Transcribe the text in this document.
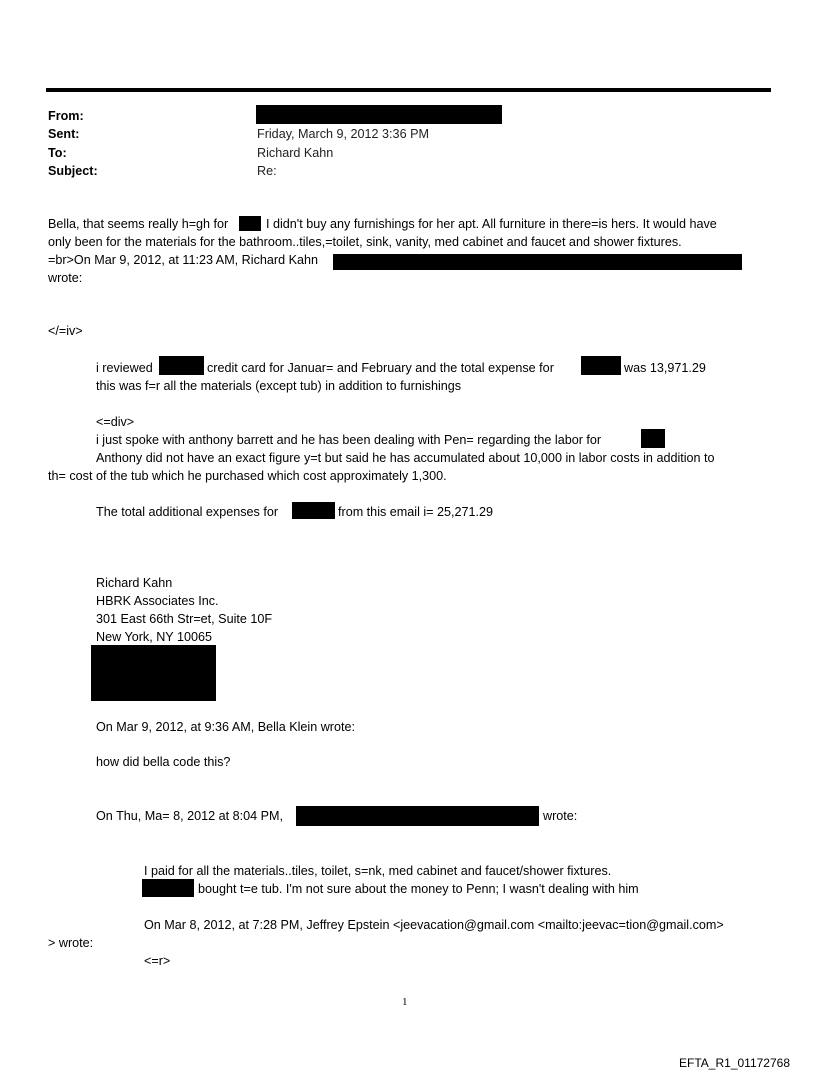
From:
Sent:	Friday, March 9, 2012 3:36 PM
To:	Richard Kahn
Subject:	Re:
Bella, that seems really h=gh for	I didn't buy any furnishings for her apt. All furniture in there=is hers. It would have
only been for the materials for the bathroom..tiles,=toilet, sink, vanity, med cabinet and faucet and shower fixtures.
=br>On Mar 9, 2012, at 11:23 AM, Richard Kahn
wrote:
</=iv>
i reviewed	credit card for Januar= and February and the total expense for	was 13,971.29
this was f=r all the materials (except tub) in addition to furnishings
<=div>
i just spoke with anthony barrett and he has been dealing with Pen= regarding the labor for
Anthony did not have an exact figure y=t but said he has accumulated about 10,000 in labor costs in addition to
th= cost of the tub which he purchased which cost approximately 1,300.
The total additional expenses for	from this email i= 25,271.29
Richard Kahn
HBRK Associates Inc.
301 East 66th Str=et, Suite 10F
New York, NY 10065
On Mar 9, 2012, at 9:36 AM, Bella Klein wrote:
how did bella code this?
On Thu, Ma= 8, 2012 at 8:04 PM,	wrote:
I paid for all the materials..tiles, toilet, s=nk, med cabinet and faucet/shower fixtures.
bought t=e tub. I'm not sure about the money to Penn; I wasn't dealing with him
On Mar 8, 2012, at 7:28 PM, Jeffrey Epstein <jeevacation@gmail.com <mailto:jeevac=tion@gmail.com>
> wrote:
<=r>
1
EFTA_R1_01172768
